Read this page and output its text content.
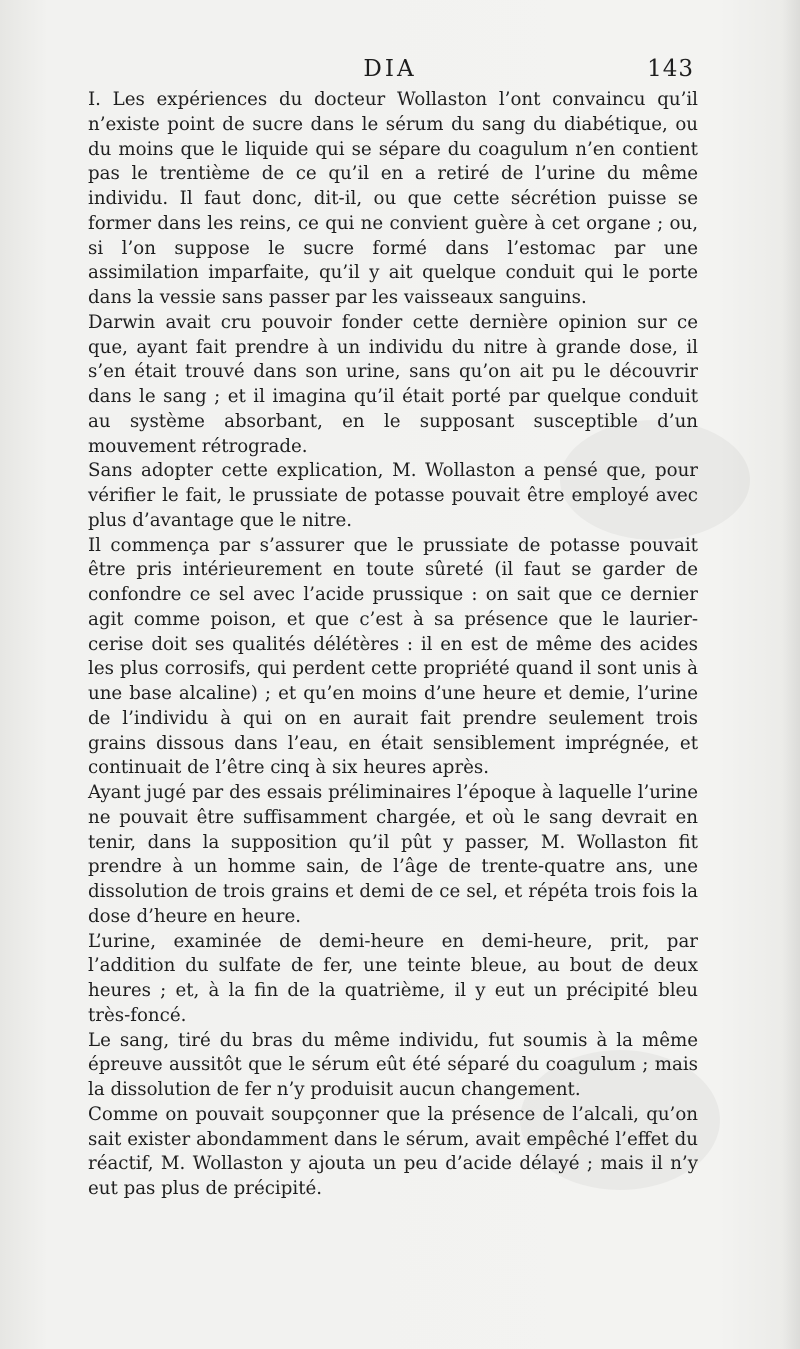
DIA	143

I. Les expériences du docteur Wollaston l’ont convaincu qu’il n’existe point de sucre dans le sérum du sang du diabétique, ou du moins que le liquide qui se sépare du coagulum n’en contient pas le trentième de ce qu’il en a retiré de l’urine du même individu. Il faut donc, dit-il, ou que cette sécrétion puisse se former dans les reins, ce qui ne convient guère à cet organe ; ou, si l’on suppose le sucre formé dans l’estomac par une assimilation imparfaite, qu’il y ait quelque conduit qui le porte dans la vessie sans passer par les vaisseaux sanguins.

Darwin avait cru pouvoir fonder cette dernière opinion sur ce que, ayant fait prendre à un individu du nitre à grande dose, il s’en était trouvé dans son urine, sans qu’on ait pu le découvrir dans le sang ; et il imagina qu’il était porté par quelque conduit au système absorbant, en le supposant susceptible d’un mouvement rétrograde.

Sans adopter cette explication, M. Wollaston a pensé que, pour vérifier le fait, le prussiate de potasse pouvait être employé avec plus d’avantage que le nitre.

Il commença par s’assurer que le prussiate de potasse pouvait être pris intérieurement en toute sûreté (il faut se garder de confondre ce sel avec l’acide prussique : on sait que ce dernier agit comme poison, et que c’est à sa présence que le laurier-cerise doit ses qualités délétères : il en est de même des acides les plus corrosifs, qui perdent cette propriété quand il sont unis à une base alcaline) ; et qu’en moins d’une heure et demie, l’urine de l’individu à qui on en aurait fait prendre seulement trois grains dissous dans l’eau, en était sensiblement imprégnée, et continuait de l’être cinq à six heures après.

Ayant jugé par des essais préliminaires l’époque à laquelle l’urine ne pouvait être suffisamment chargée, et où le sang devrait en tenir, dans la supposition qu’il pût y passer, M. Wollaston fit prendre à un homme sain, de l’âge de trente-quatre ans, une dissolution de trois grains et demi de ce sel, et répéta trois fois la dose d’heure en heure.

L’urine, examinée de demi-heure en demi-heure, prit, par l’addition du sulfate de fer, une teinte bleue, au bout de deux heures ; et, à la fin de la quatrième, il y eut un précipité bleu très-foncé.

Le sang, tiré du bras du même individu, fut soumis à la même épreuve aussitôt que le sérum eût été séparé du coagulum ; mais la dissolution de fer n’y produisit aucun changement.

Comme on pouvait soupçonner que la présence de l’alcali, qu’on sait exister abondamment dans le sérum, avait empêché l’effet du réactif, M. Wollaston y ajouta un peu d’acide délayé ; mais il n’y eut pas plus de précipité.
